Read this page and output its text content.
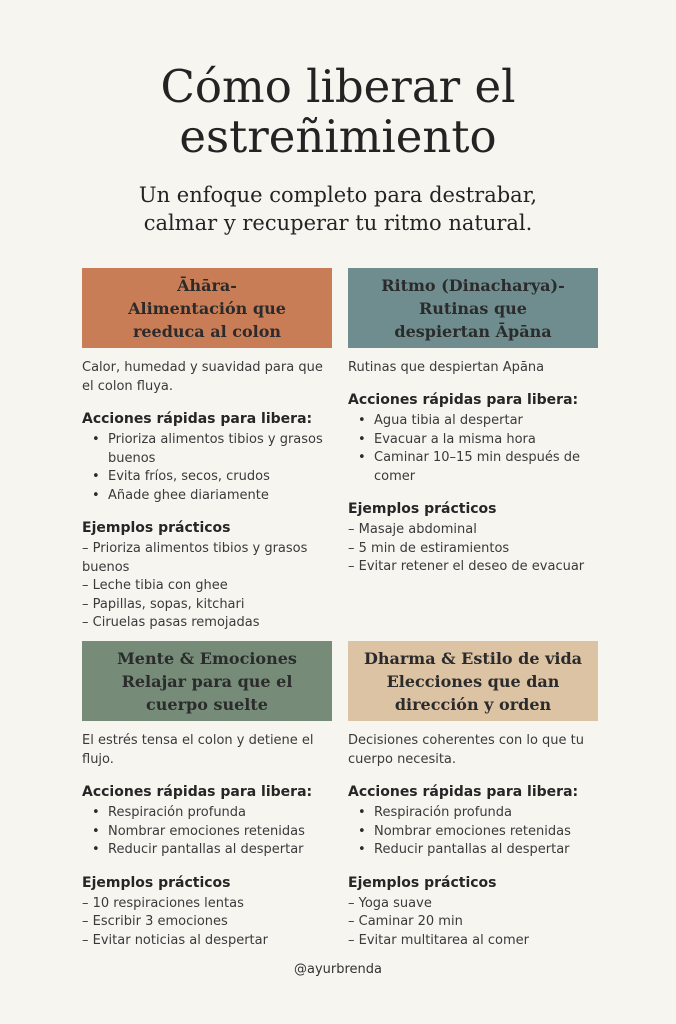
Cómo liberar el
estreñimiento
Un enfoque completo para destrabar,
calmar y recuperar tu ritmo natural.
Āhāra-
Alimentación que
reeduca al colon

Calor, humedad y suavidad para que el colon fluya.

Acciones rápidas para libera:
• Prioriza alimentos tibios y grasos buenos
• Evita fríos, secos, crudos
• Añade ghee diariamente
Ejemplos prácticos
– Prioriza alimentos tibios y grasos buenos
– Leche tibia con ghee
– Papillas, sopas, kitchari
– Ciruelas pasas remojadas
Ritmo (Dinacharya)-
Rutinas que
despiertan Āpāna

Rutinas que despiertan Apāna

Acciones rápidas para libera:
• Agua tibia al despertar
• Evacuar a la misma hora
• Caminar 10–15 min después de comer
Ejemplos prácticos
– Masaje abdominal
– 5 min de estiramientos
– Evitar retener el deseo de evacuar
Mente & Emociones
Relajar para que el
cuerpo suelte

El estrés tensa el colon y detiene el flujo.

Acciones rápidas para libera:
• Respiración profunda
• Nombrar emociones retenidas
• Reducir pantallas al despertar
Ejemplos prácticos
– 10 respiraciones lentas
– Escribir 3 emociones
– Evitar noticias al despertar
Dharma & Estilo de vida
Elecciones que dan
dirección y orden

Decisiones coherentes con lo que tu cuerpo necesita.

Acciones rápidas para libera:
• Respiración profunda
• Nombrar emociones retenidas
• Reducir pantallas al despertar
Ejemplos prácticos
– Yoga suave
– Caminar 20 min
– Evitar multitarea al comer
@ayurbrenda
